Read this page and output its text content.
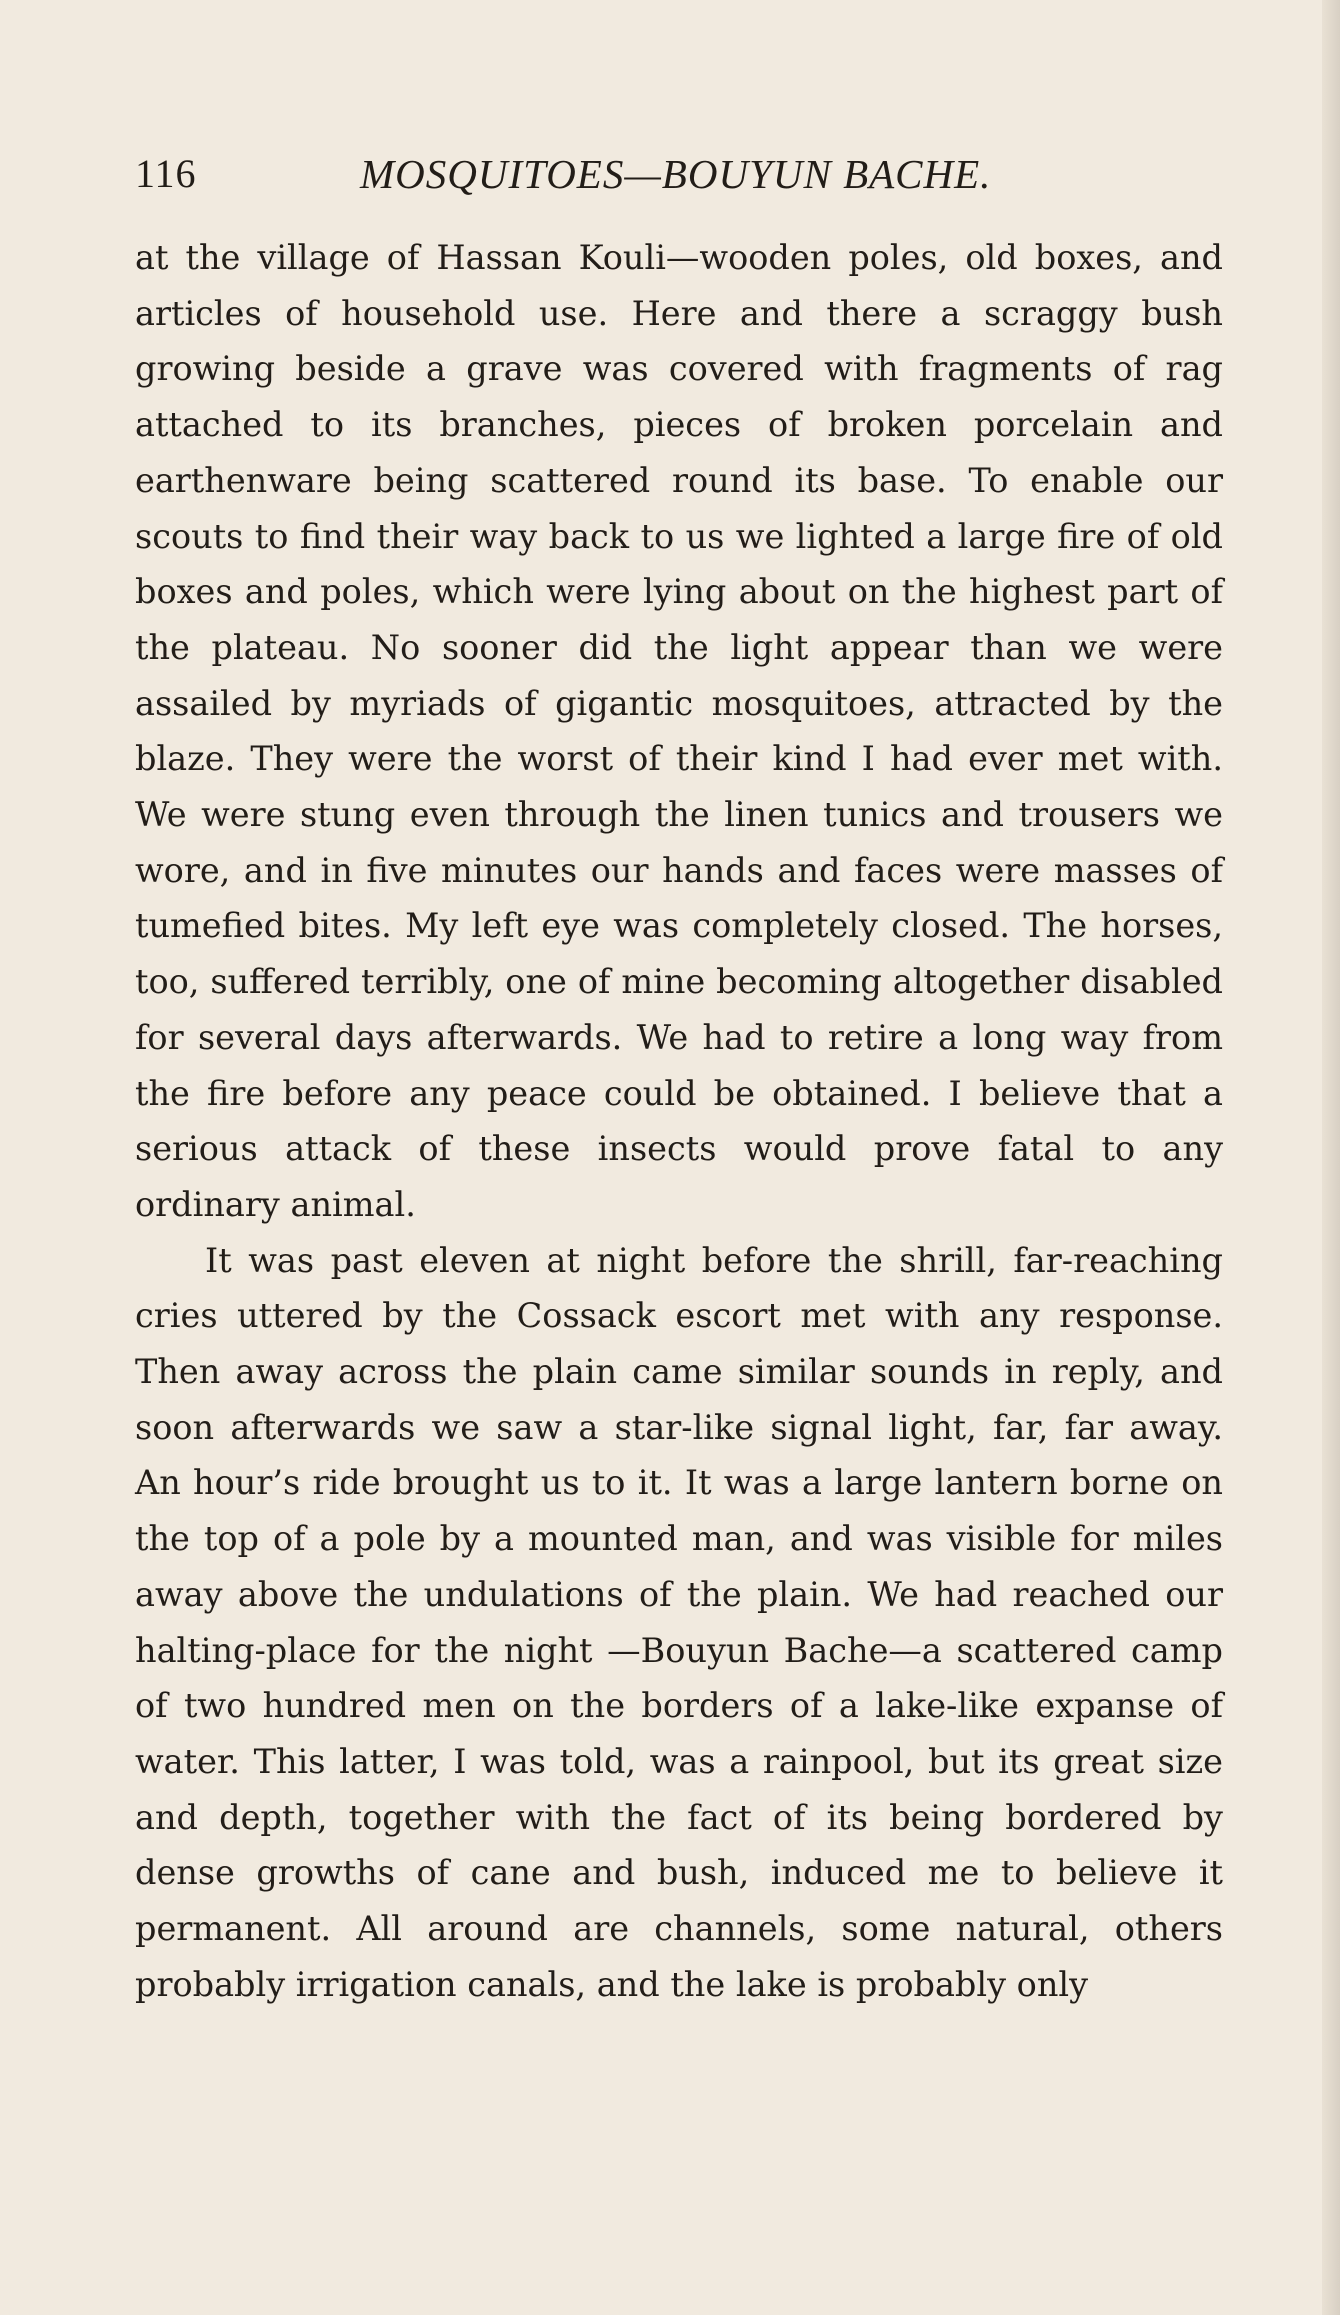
116	MOSQUITOES—BOUYUN BACHE.

at the village of Hassan Kouli—wooden poles, old boxes, and articles of household use. Here and there a scraggy bush growing beside a grave was covered with fragments of rag attached to its branches, pieces of broken porcelain and earthenware being scattered round its base. To enable our scouts to find their way back to us we lighted a large fire of old boxes and poles, which were lying about on the highest part of the plateau. No sooner did the light appear than we were assailed by myriads of gigantic mosquitoes, attracted by the blaze. They were the worst of their kind I had ever met with. We were stung even through the linen tunics and trousers we wore, and in five minutes our hands and faces were masses of tumefied bites. My left eye was completely closed. The horses, too, suffered terribly, one of mine becoming altogether disabled for several days afterwards. We had to retire a long way from the fire before any peace could be obtained. I believe that a serious attack of these insects would prove fatal to any ordinary animal.

It was past eleven at night before the shrill, far-reaching cries uttered by the Cossack escort met with any response. Then away across the plain came similar sounds in reply, and soon afterwards we saw a star-like signal light, far, far away. An hour’s ride brought us to it. It was a large lantern borne on the top of a pole by a mounted man, and was visible for miles away above the undulations of the plain. We had reached our halting-place for the night —Bouyun Bache—a scattered camp of two hundred men on the borders of a lake-like expanse of water. This latter, I was told, was a rainpool, but its great size and depth, together with the fact of its being bordered by dense growths of cane and bush, induced me to believe it permanent. All around are channels, some natural, others probably irrigation canals, and the lake is probably only
